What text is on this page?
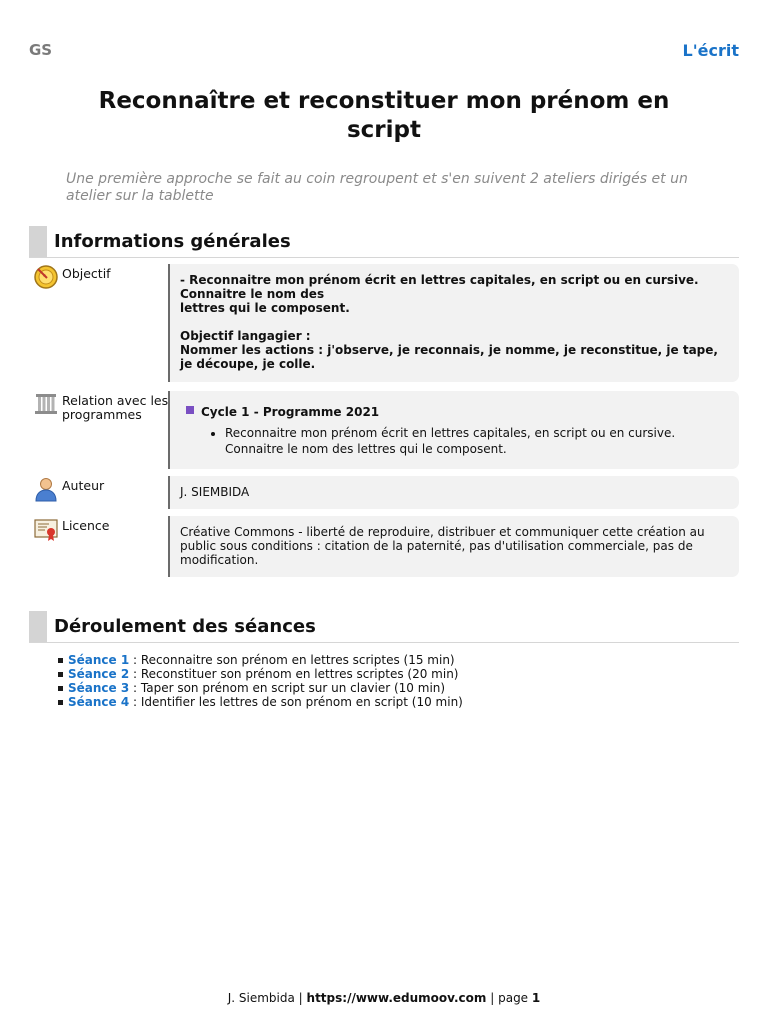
GS	L'écrit
Reconnaître et reconstituer mon prénom en script
Une première approche se fait au coin regroupent et s'en suivent 2 ateliers dirigés et un atelier sur la tablette
Informations générales
Objectif	- Reconnaitre mon prénom écrit en lettres capitales, en script ou en cursive. Connaitre le nom des
lettres qui le composent.
Objectif langagier :
Nommer les actions : j'observe, je reconnais, je nomme, je reconstitue, je tape, je découpe, je colle.
Relation avec les programmes	Cycle 1 - Programme 2021
• Reconnaitre mon prénom écrit en lettres capitales, en script ou en cursive. Connaitre le nom des lettres qui le composent.
Auteur	J. SIEMBIDA
Licence	Créative Commons - liberté de reproduire, distribuer et communiquer cette création au public sous conditions : citation de la paternité, pas d'utilisation commerciale, pas de modification.
Déroulement des séances
Séance 1 : Reconnaitre son prénom en lettres scriptes (15 min)
Séance 2 : Reconstituer son prénom en lettres scriptes (20 min)
Séance 3 : Taper son prénom en script sur un clavier (10 min)
Séance 4 : Identifier les lettres de son prénom en script (10 min)
J. Siembida | https://www.edumoov.com | page 1
